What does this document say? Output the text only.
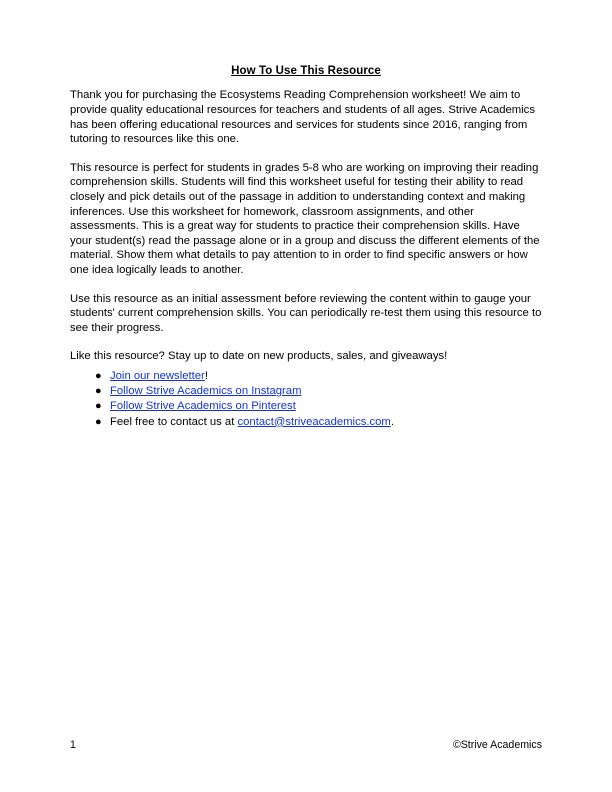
How To Use This Resource

Thank you for purchasing the Ecosystems Reading Comprehension worksheet! We aim to provide quality educational resources for teachers and students of all ages. Strive Academics has been offering educational resources and services for students since 2016, ranging from tutoring to resources like this one.

This resource is perfect for students in grades 5-8 who are working on improving their reading comprehension skills. Students will find this worksheet useful for testing their ability to read closely and pick details out of the passage in addition to understanding context and making inferences. Use this worksheet for homework, classroom assignments, and other assessments. This is a great way for students to practice their comprehension skills. Have your student(s) read the passage alone or in a group and discuss the different elements of the material. Show them what details to pay attention to in order to find specific answers or how one idea logically leads to another.

Use this resource as an initial assessment before reviewing the content within to gauge your students' current comprehension skills. You can periodically re-test them using this resource to see their progress.

Like this resource? Stay up to date on new products, sales, and giveaways!

● Join our newsletter!
● Follow Strive Academics on Instagram
● Follow Strive Academics on Pinterest
● Feel free to contact us at contact@striveacademics.com.
1	©Strive Academics
